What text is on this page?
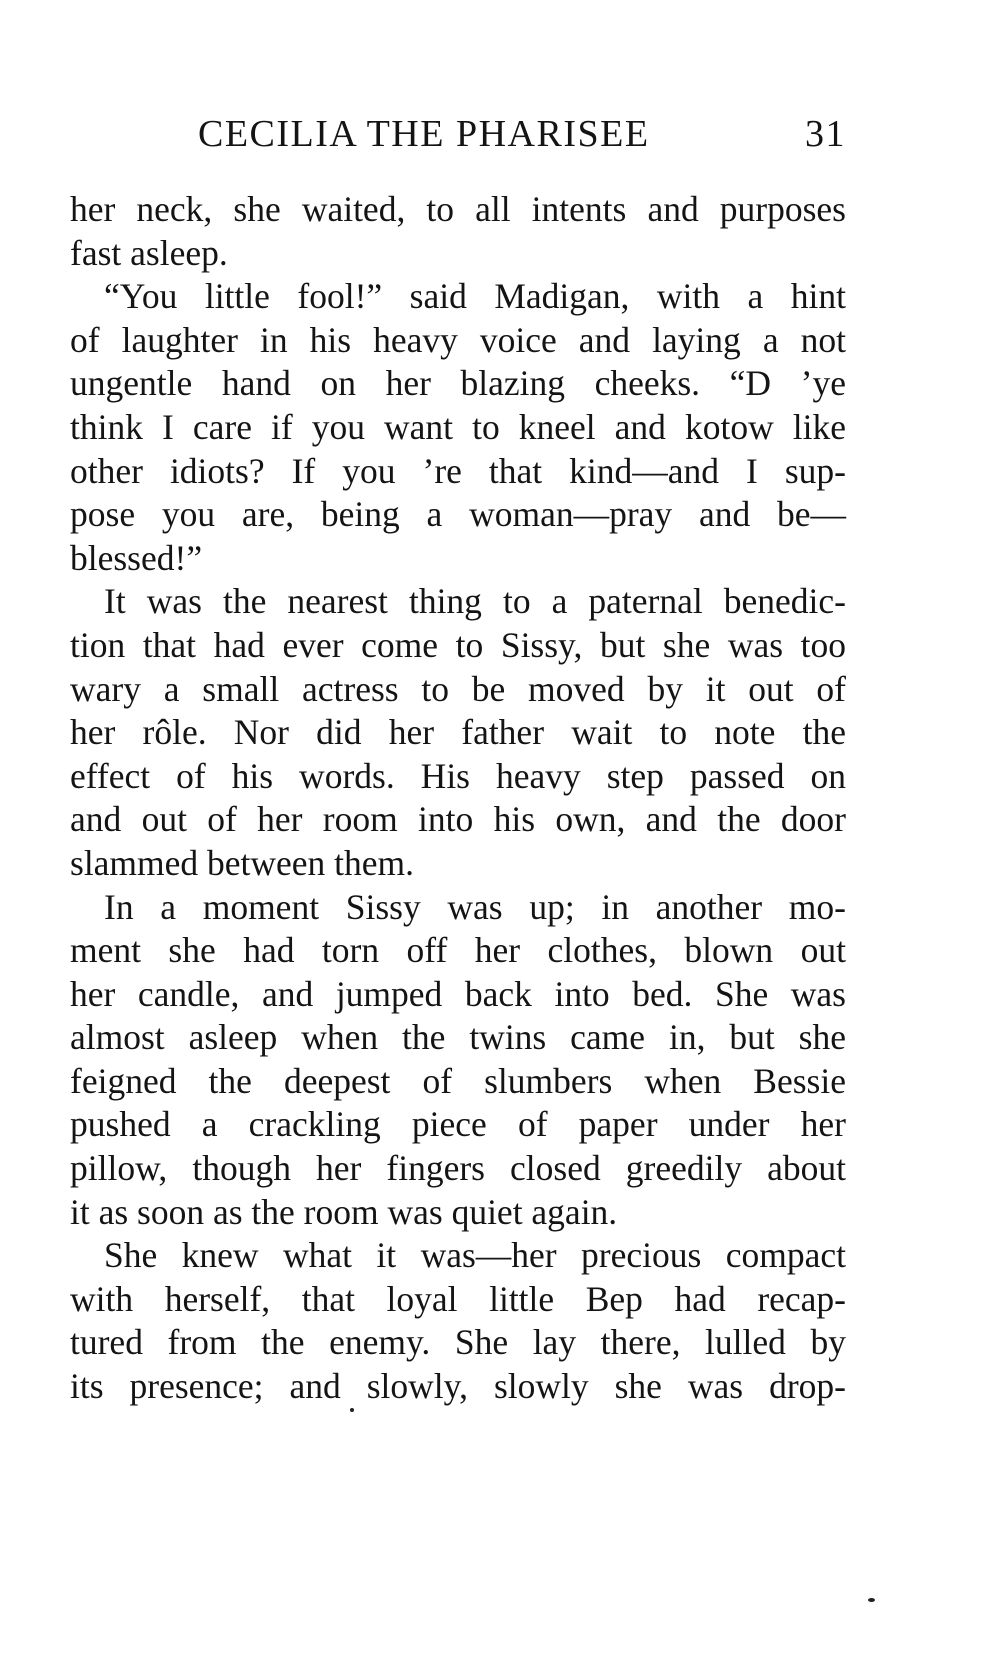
CECILIA THE PHARISEE	31
her neck, she waited, to all intents and purposes
fast asleep.
“You little fool!” said Madigan, with a hint
of laughter in his heavy voice and laying a not
ungentle hand on her blazing cheeks. “D ’ye
think I care if you want to kneel and kotow like
other idiots? If you ’re that kind—and I sup-
pose you are, being a woman—pray and be—
blessed!”
It was the nearest thing to a paternal benedic-
tion that had ever come to Sissy, but she was too
wary a small actress to be moved by it out of
her rôle. Nor did her father wait to note the
effect of his words. His heavy step passed on
and out of her room into his own, and the door
slammed between them.
In a moment Sissy was up; in another mo-
ment she had torn off her clothes, blown out
her candle, and jumped back into bed. She was
almost asleep when the twins came in, but she
feigned the deepest of slumbers when Bessie
pushed a crackling piece of paper under her
pillow, though her fingers closed greedily about
it as soon as the room was quiet again.
She knew what it was—her precious compact
with herself, that loyal little Bep had recap-
tured from the enemy. She lay there, lulled by
its presence; and slowly, slowly she was drop-
